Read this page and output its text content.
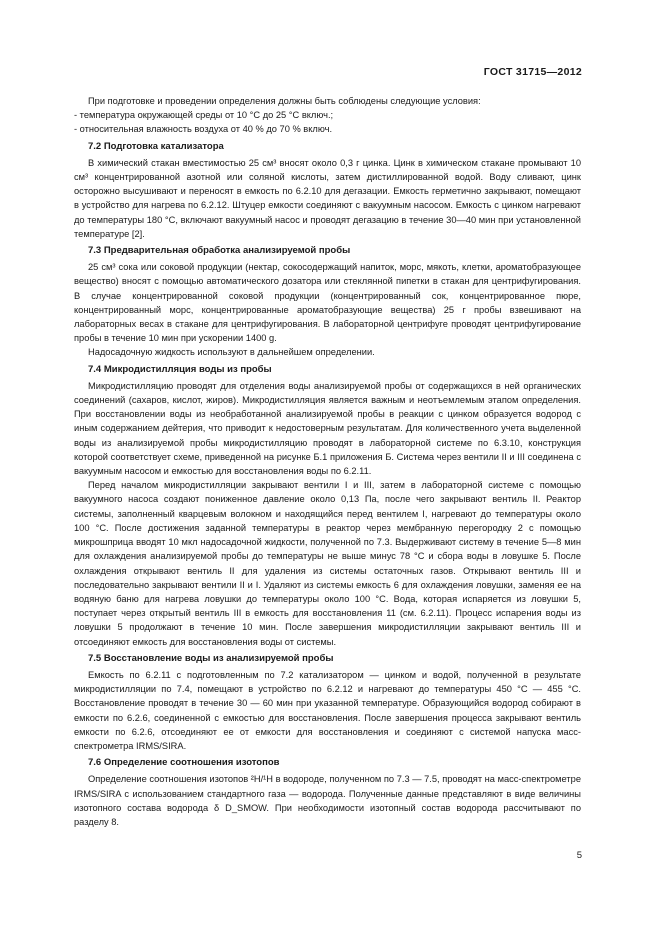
ГОСТ 31715—2012

При подготовке и проведении определения должны быть соблюдены следующие условия:

- температура окружающей среды от 10 °С до 25 °С включ.;

- относительная влажность воздуха от 40 % до 70 % включ.

7.2 Подготовка катализатора

В химический стакан вместимостью 25 см³ вносят около 0,3 г цинка. Цинк в химическом стакане промывают 10 см³ концентрированной азотной или соляной кислоты, затем дистиллированной водой. Воду сливают, цинк осторожно высушивают и переносят в емкость по 6.2.10 для дегазации. Емкость герметично закрывают, помещают в устройство для нагрева по 6.2.12. Штуцер емкости соединяют с вакуумным насосом. Емкость с цинком нагревают до температуры 180 °С, включают вакуумный насос и проводят дегазацию в течение 30—40 мин при установленной температуре [2].

7.3 Предварительная обработка анализируемой пробы

25 см³ сока или соковой продукции (нектар, сокосодержащий напиток, морс, мякоть, клетки, ароматобразующее вещество) вносят с помощью автоматического дозатора или стеклянной пипетки в стакан для центрифугирования. В случае концентрированной соковой продукции (концентрированный сок, концентрированное пюре, концентрированный морс, концентрированные ароматобразующие вещества) 25 г пробы взвешивают на лабораторных весах в стакане для центрифугирования. В лабораторной центрифуге проводят центрифугирование пробы в течение 10 мин при ускорении 1400 g.

Надосадочную жидкость используют в дальнейшем определении.

7.4 Микродистилляция воды из пробы

Микродистилляцию проводят для отделения воды анализируемой пробы от содержащихся в ней органических соединений (сахаров, кислот, жиров). Микродистилляция является важным и неотъемлемым этапом определения. При восстановлении воды из необработанной анализируемой пробы в реакции с цинком образуется водород с иным содержанием дейтерия, что приводит к недостоверным результатам. Для количественного учета выделенной воды из анализируемой пробы микродистилляцию проводят в лабораторной системе по 6.3.10, конструкция которой соответствует схеме, приведенной на рисунке Б.1 приложения Б. Система через вентили II и III соединена с вакуумным насосом и емкостью для восстановления воды по 6.2.11.

Перед началом микродистилляции закрывают вентили I и III, затем в лабораторной системе с помощью вакуумного насоса создают пониженное давление около 0,13 Па, после чего закрывают вентиль II. Реактор системы, заполненный кварцевым волокном и находящийся перед вентилем I, нагревают до температуры около 100 °С. После достижения заданной температуры в реактор через мембранную перегородку 2 с помощью микрошприца вводят 10 мкл надосадочной жидкости, полученной по 7.3. Выдерживают систему в течение 5—8 мин для охлаждения анализируемой пробы до температуры не выше минус 78 °С и сбора воды в ловушке 5. После охлаждения открывают вентиль II для удаления из системы остаточных газов. Открывают вентиль III и последовательно закрывают вентили II и I. Удаляют из системы емкость 6 для охлаждения ловушки, заменяя ее на водяную баню для нагрева ловушки до температуры около 100 °С. Вода, которая испаряется из ловушки 5, поступает через открытый вентиль III в емкость для восстановления 11 (см. 6.2.11). Процесс испарения воды из ловушки 5 продолжают в течение 10 мин. После завершения микродистилляции закрывают вентиль III и отсоединяют емкость для восстановления воды от системы.

7.5 Восстановление воды из анализируемой пробы

Емкость по 6.2.11 с подготовленным по 7.2 катализатором — цинком и водой, полученной в результате микродистилляции по 7.4, помещают в устройство по 6.2.12 и нагревают до температуры 450 °С — 455 °С. Восстановление проводят в течение 30 — 60 мин при указанной температуре. Образующийся водород собирают в емкости по 6.2.6, соединенной с емкостью для восстановления. После завершения процесса закрывают вентиль емкости по 6.2.6, отсоединяют ее от емкости для восстановления и соединяют с системой напуска масс-спектрометра IRMS/SIRA.

7.6 Определение соотношения изотопов

Определение соотношения изотопов ²H/¹H в водороде, полученном по 7.3 — 7.5, проводят на масс-спектрометре IRMS/SIRA с использованием стандартного газа — водорода. Полученные данные представляют в виде величины изотопного состава водорода δ D_SMOW. При необходимости изотопный состав водорода рассчитывают по разделу 8.

5
